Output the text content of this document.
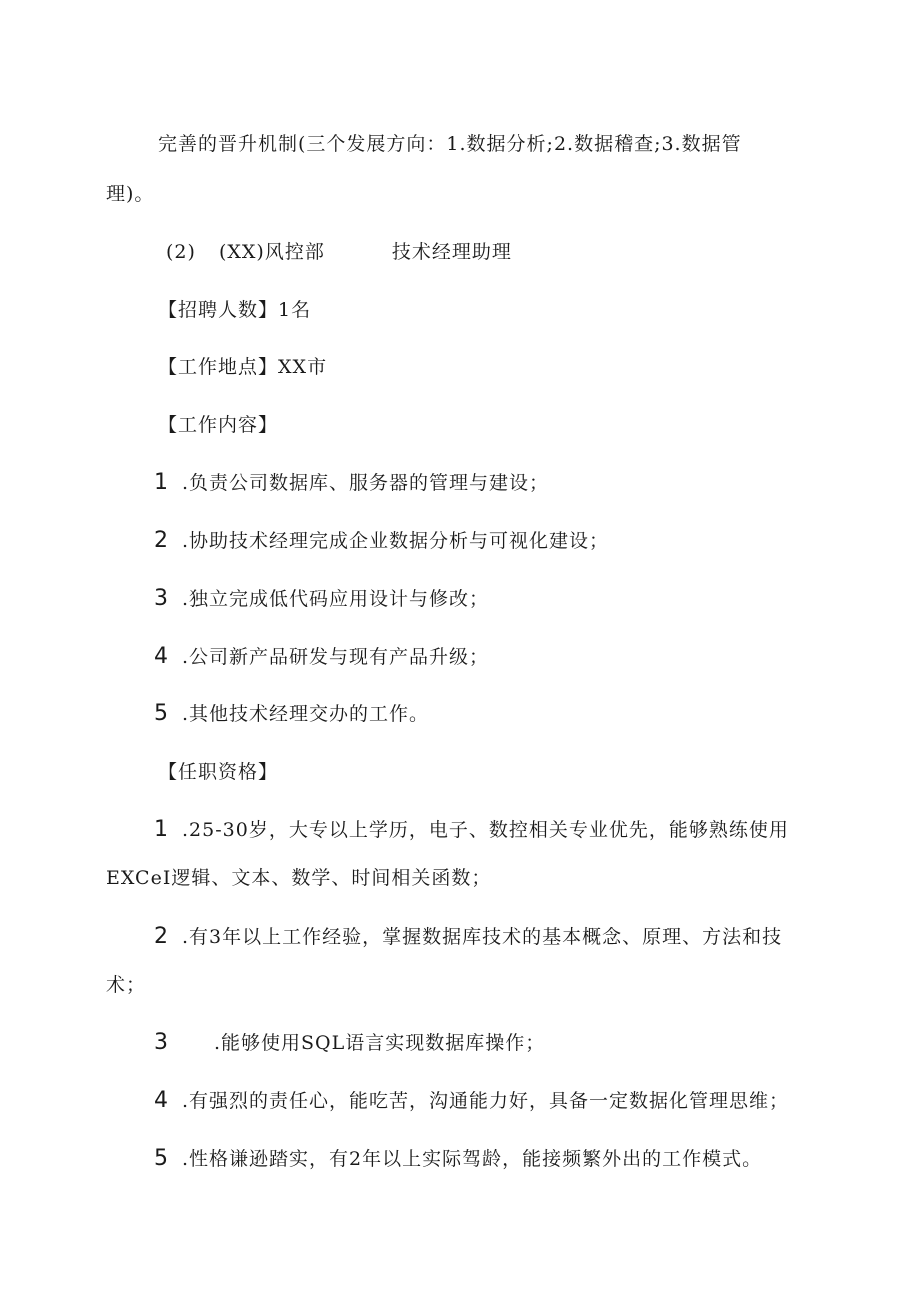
完善的晋升机制(三个发展方向：1.数据分析;2.数据稽查;3.数据管
理)。
(2) (XX)风控部	技术经理助理
【招聘人数】1名
【工作地点】XX市
【工作内容】
1 .负责公司数据库、服务器的管理与建设；
2 .协助技术经理完成企业数据分析与可视化建设；
3 .独立完成低代码应用设计与修改；
4 .公司新产品研发与现有产品升级；
5 .其他技术经理交办的工作。
【任职资格】
1 .25-30岁，大专以上学历，电子、数控相关专业优先，能够熟练使用
EXCeI逻辑、文本、数学、时间相关函数；
2 .有3年以上工作经验，掌握数据库技术的基本概念、原理、方法和技
术；
3 .能够使用SQL语言实现数据库操作；
4 .有强烈的责任心，能吃苦，沟通能力好，具备一定数据化管理思维；
5 .性格谦逊踏实，有2年以上实际驾龄，能接频繁外出的工作模式。
